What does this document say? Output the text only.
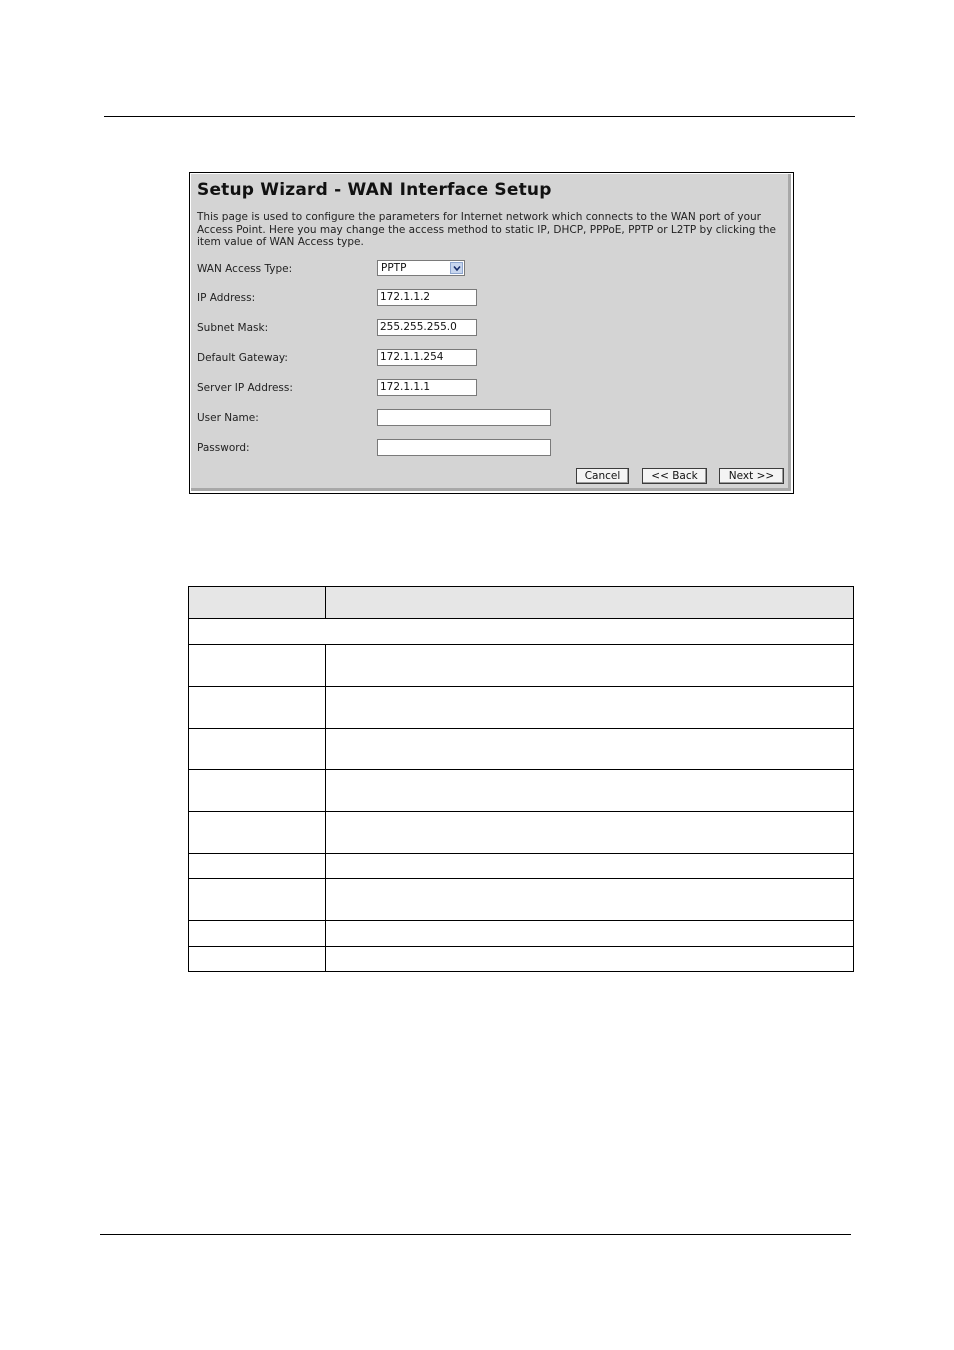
Setup Wizard - WAN Interface Setup

This page is used to configure the parameters for Internet network which connects to the WAN port of your Access Point. Here you may change the access method to static IP, DHCP, PPPoE, PPTP or L2TP by clicking the item value of WAN Access type.

WAN Access Type:	PPTP
IP Address:	172.1.1.2
Subnet Mask:	255.255.255.0
Default Gateway:	172.1.1.254
Server IP Address:	172.1.1.1
User Name:
Password:
Cancel	<< Back	Next >>
